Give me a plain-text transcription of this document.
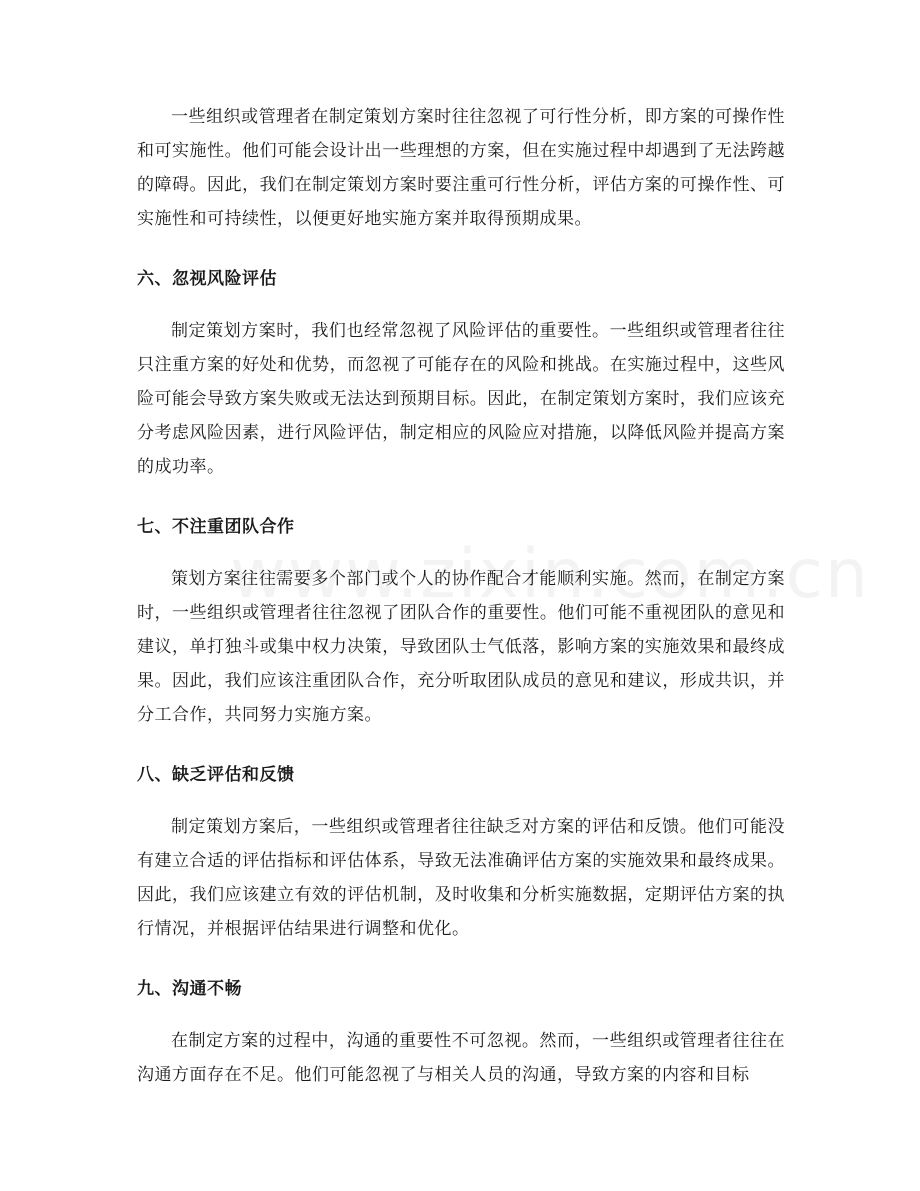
一些组织或管理者在制定策划方案时往往忽视了可行性分析，即方案的可操作性和可实施性。他们可能会设计出一些理想的方案，但在实施过程中却遇到了无法跨越的障碍。因此，我们在制定策划方案时要注重可行性分析，评估方案的可操作性、可实施性和可持续性，以便更好地实施方案并取得预期成果。

六、忽视风险评估

制定策划方案时，我们也经常忽视了风险评估的重要性。一些组织或管理者往往只注重方案的好处和优势，而忽视了可能存在的风险和挑战。在实施过程中，这些风险可能会导致方案失败或无法达到预期目标。因此，在制定策划方案时，我们应该充分考虑风险因素，进行风险评估，制定相应的风险应对措施，以降低风险并提高方案的成功率。

七、不注重团队合作

策划方案往往需要多个部门或个人的协作配合才能顺利实施。然而，在制定方案时，一些组织或管理者往往忽视了团队合作的重要性。他们可能不重视团队的意见和建议，单打独斗或集中权力决策，导致团队士气低落，影响方案的实施效果和最终成果。因此，我们应该注重团队合作，充分听取团队成员的意见和建议，形成共识，并分工合作，共同努力实施方案。

八、缺乏评估和反馈

制定策划方案后，一些组织或管理者往往缺乏对方案的评估和反馈。他们可能没有建立合适的评估指标和评估体系，导致无法准确评估方案的实施效果和最终成果。因此，我们应该建立有效的评估机制，及时收集和分析实施数据，定期评估方案的执行情况，并根据评估结果进行调整和优化。

九、沟通不畅

在制定方案的过程中，沟通的重要性不可忽视。然而，一些组织或管理者往往在沟通方面存在不足。他们可能忽视了与相关人员的沟通，导致方案的内容和目标
